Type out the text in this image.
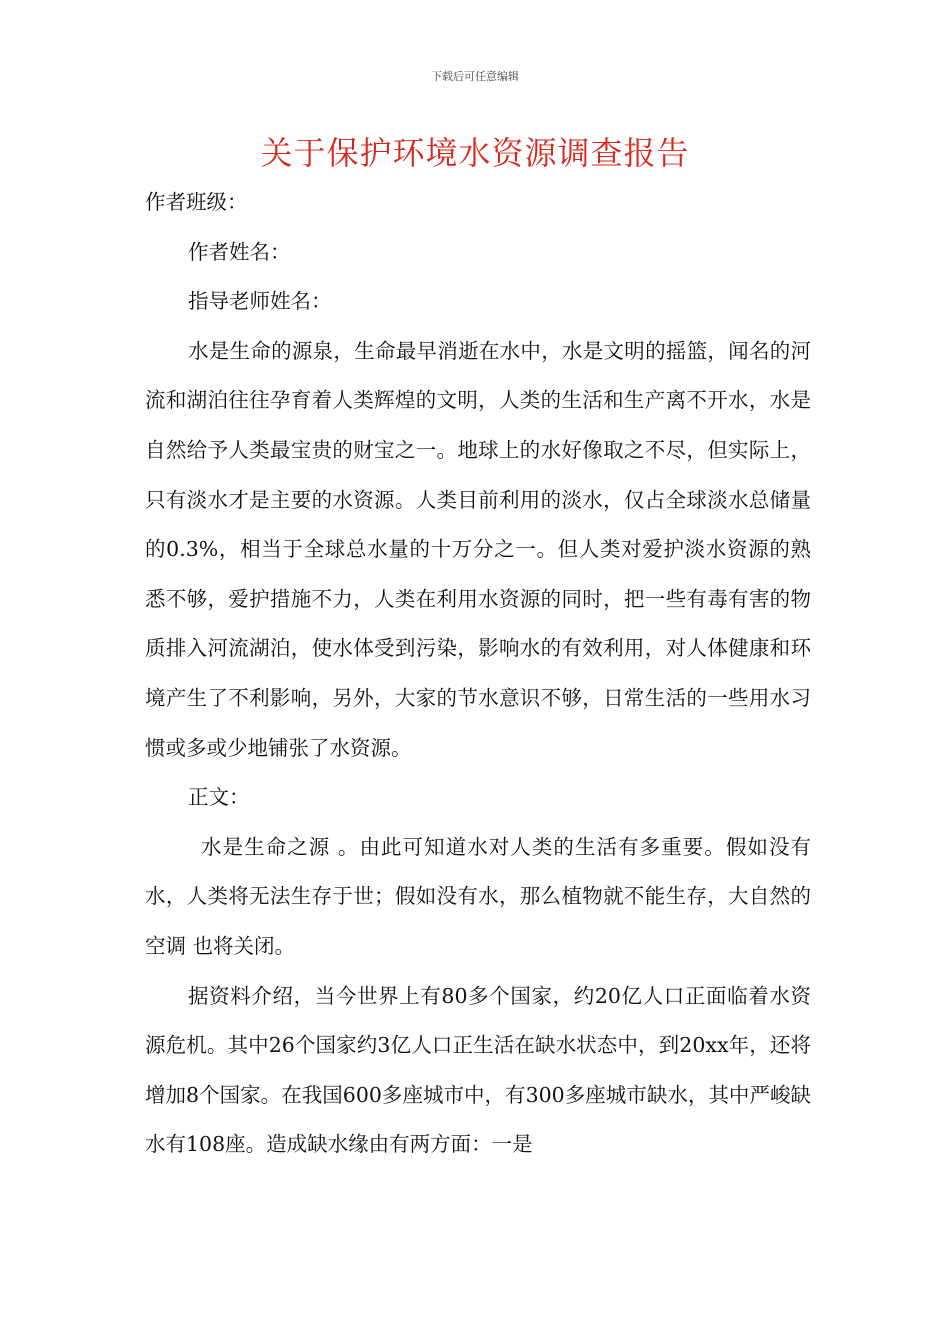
下载后可任意编辑
关于保护环境水资源调查报告

作者班级：

作者姓名：

指导老师姓名：

水是生命的源泉，生命最早消逝在水中，水是文明的摇篮，闻名的河流和湖泊往往孕育着人类辉煌的文明，人类的生活和生产离不开水，水是自然给予人类最宝贵的财宝之一。地球上的水好像取之不尽，但实际上，只有淡水才是主要的水资源。人类目前利用的淡水，仅占全球淡水总储量的0.3%，相当于全球总水量的十万分之一。但人类对爱护淡水资源的熟悉不够，爱护措施不力，人类在利用水资源的同时，把一些有毒有害的物质排入河流湖泊，使水体受到污染，影响水的有效利用，对人体健康和环境产生了不利影响，另外，大家的节水意识不够，日常生活的一些用水习惯或多或少地铺张了水资源。

正文：

水是生命之源 。由此可知道水对人类的生活有多重要。假如没有水，人类将无法生存于世；假如没有水，那么植物就不能生存，大自然的 空调 也将关闭。

据资料介绍，当今世界上有80多个国家，约20亿人口正面临着水资源危机。其中26个国家约3亿人口正生活在缺水状态中，到20xx年，还将增加8个国家。在我国600多座城市中，有300多座城市缺水，其中严峻缺水有108座。造成缺水缘由有两方面：一是
